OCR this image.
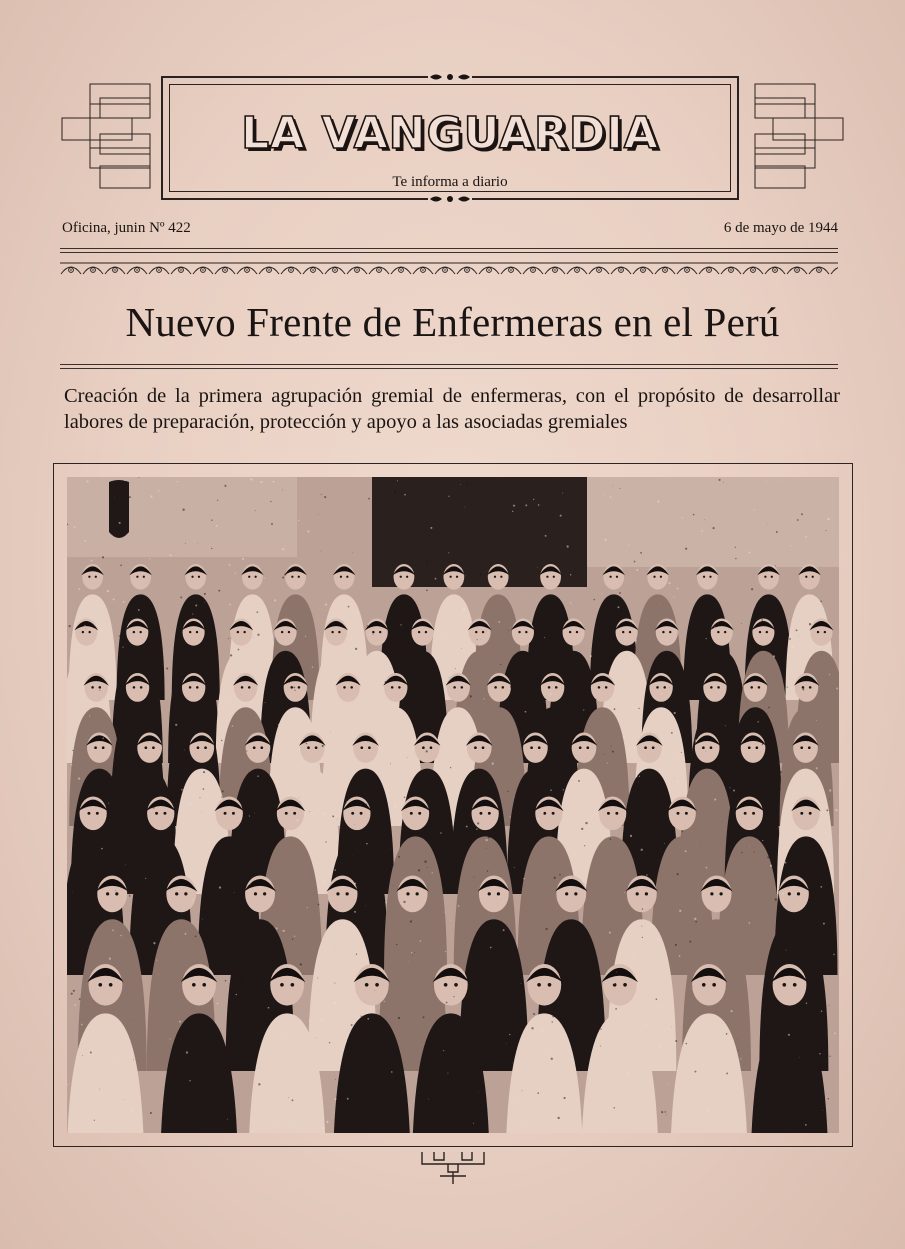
LA VANGUARDIA
Te informa a diario
Oficina, junin Nº 422	6 de mayo de 1944
Nuevo Frente de Enfermeras en el Perú
Creación de la primera agrupación gremial de enfermeras, con el propósito de desarrollar labores de preparación, protección y apoyo a las asociadas gremiales
